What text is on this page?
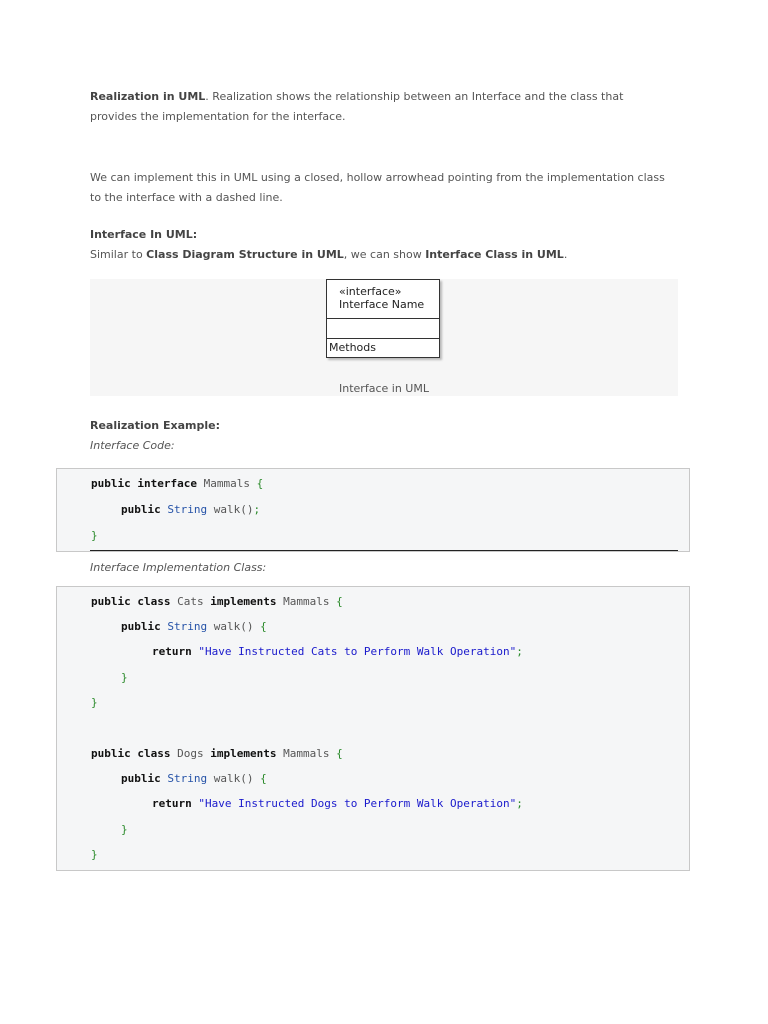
Realization in UML. Realization shows the relationship between an Interface and the class that provides the implementation for the interface.

We can implement this in UML using a closed, hollow arrowhead pointing from the implementation class to the interface with a dashed line.

Interface In UML:

Similar to Class Diagram Structure in UML, we can show Interface Class in UML.

«interface»
Interface Name
Methods
Interface in UML

Realization Example:

Interface Code:

public interface Mammals {
public String walk();
}

Interface Implementation Class:

public class Cats implements Mammals {
public String walk() {
return "Have Instructed Cats to Perform Walk Operation";
}
}
public class Dogs implements Mammals {
public String walk() {
return "Have Instructed Dogs to Perform Walk Operation";
}
}
